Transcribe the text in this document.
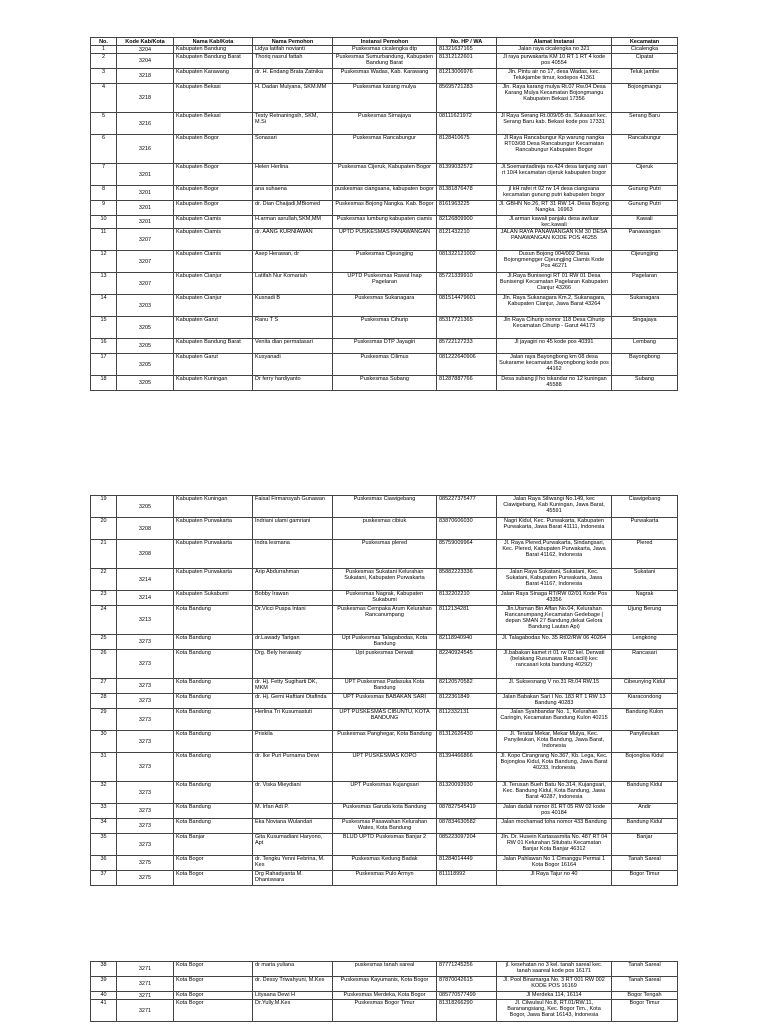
No.	Kode Kab/Kota	Nama Kab/Kota	Nama Pemohon	Instansi Pemohon	No. HP / WA	Alamat Instansi	Kecamatan
1	3204	Kabupaten Bandung	Lidya latifah novianti	Puskesmas cicalengka dtp	81321637165	Jalan raya cicalengka no 321	Cicalengka
2	3204	Kabupaten Bandung Barat	Thoriq nasrul fattah	Puskesmas Sumurbandung, Kabupaten Bandung Barat	81312122601	Jl raya purwakarta KM 10 RT 1 RT 4 kode pos 40554	Cipatat
3	3218	Kabupaten Karawang	dr. H. Endang Brata Zatnika	Puskesmas Wadas, Kab. Karawang	81213006976	Jln. Pintu air no 17, desa Wadas, kec. Telukjambe timur, kodepos 41361	Teluk jambe
4	3218	Kabupaten Bekasi	H. Dadan Mulyana, SKM.MM	Puskesmas karang mulya	85695721283	Jln. Raya karang mulya Rt.07 Rw.04 Desa Karang Mulya Kecamatan Bojongmangu Kabupaten Bekasi 17356	Bojongmangu
5	3216	Kabupaten Bekasi	Testy Retnaningsih, SKM, M.Si	Puskesmas Sirnajaya	08111621972	Jl Raya Serang Rt.009/05 ds. Sukasari kec. Serang Baru kab. Bekasi kode pos 17331	Serang Baru
6	3216	Kabupaten Bogor	Sonasari	Puskesmas Rancabungur	8128410675	Jl Raya Rancabungur Kp warung nangka RT03/08 Desa Rancabungur Kecamatan Rancabungur Kabupaten Bogor	Rancabungur
7	3201	Kabupaten Bogor	Helen Herlina	Puskesmas Cijeruk, Kabupaten Bogor	81399032572	Jl.Soemantadireja no.424 desa tanjung sari rt 10/4 kecamatan cijeruk kabupaten bogor	Cijeruk
8	3201	Kabupaten Bogor	ana suhaena	puskesmas ciangsana, kabupaten bogor	81381876478	jl kH rafei rt 02 rw 14 desa ciangsana kecamatan gunung putri kabupaten bogor	Gunung Putri
9	3201	Kabupaten Bogor	dr. Dian Chaijadi,MBiomed	Puskesmas Bojong Nangka. Kab. Bogor	8161963225	Jl. GBHN No.26, RT 31 RW 14. Desa Bojong Nangka. 16963	Gunung Putri
10	3201	Kabupaten Ciamis	H.arman asrullah,SKM,MM	Puskesmas lumbung kabupaten ciamis	82126809900	Jl.arman kawali panjalu desa awiluar kec.kawali	Kawali
11	3207	Kabupaten Ciamis	dr. AANG KURNIAWAN	UPTD PUSKESMAS PANAWANGAN	8121432210	JALAN RAYA PANAWANGAN KM 30 DESA PANAWANGAN KODE POS 46255	Panawangan
12	3207	Kabupaten Ciamis	Asep Herawan, dr	Puskesmas Cijeungjing	081322121002	Dusun Bojong 004/002 Desa Bojongmengger Cijeungjing Ciamis Kode Pos 46271	Cijeungjing
13	3207	Kabupaten Cianjur	Latifah Nur Komariah	UPTD Puskesmas Rawat Inap Pagelaran	85721339910	Jl.Raya Bunisengi RT 01 RW 01 Desa Bunisengi Kecamatan Pagelaran Kabupaten Cianjur 43266	Pagelaran
14	3203	Kabupaten Cianjur	Kusnadi B	Puskesmas Sukanagara	081514479601	Jln. Raya Sukanagara Km.2, Sukanagara, Kabupaten Cianjur, Jawa Barat 43264	Sukanagara
15	3205	Kabupaten Garut	Ranu T S	Puskesmas Cihurip	85317721365	Jln Raya Cihurip nomor 118 Desa Cihurip Kecamatan Cihurip - Garut 44173	Singajaya
16	3205	Kabupaten Bandung Barat	Venita dian permatasari	Puskesmas DTP Jayagiri	85722127233	Jl jayagiri no 45 kode pos 40391	Lembang
17	3205	Kabupaten Garut	Kusyanadi	Puskesmas Cilimus	081222640906	Jalan raya Bayongbong km 08 desa Sukarame kecamatan Bayongbong kode pos 44162	Bayongbong
18	3205	Kabupaten Kuningan	Dr ferry hardiyanto	Puskesmas Subang	81287887766	Desa subang jl ho iskandar no 12 kuningan 45588	Subang
19	3205	Kabupaten Kuningan	Faisal Firmansyah Gunawan	Puskesmas Ciawigebang	085227375477	Jalan Raya Siliwangi No.149, kec Ciawigebang, Kab Kuningan, Jawa Barat, 45591	Ciawigebang
20	3208	Kabupaten Purwakarta	Indriani ulami gamriani	puskesmas cibiuk	83870606030	Nagri Kidul, Kec. Purwakarta, Kabupaten Purwakarta, Jawa Barat 41111, Indonesia	Purwakarta
21	3208	Kabupaten Purwakarta	Indra lesmana	Puskesmas plered	85759009964	Jl. Raya Plered,Purwakarta, Sindangsari, Kec. Plered, Kabupaten Purwakarta, Jawa Barat 41162, Indonesia	Plered
22	3214	Kabupaten Purwakarta	Arip Abdurrahman	Puskesmas Sukatani Kelurahan Sukatani, Kabupaten Purwakarta	85882223336	Jalan Raya Sukatani, Sukatani, Kec. Sukatani, Kabupaten Purwakarta, Jawa Barat 41167, Indonesia	Sukatani
23	3214	Kabupaten Sukabumi	Bobby Irawan	Puskesmas Nagrak, Kabupaten Sukabumi	8132202210	Jalan Raya Sinaga RT/RW 02/01 Kode Pos 43356	Nagrak
24	3213	Kota Bandung	Dr.Vicci Puspa Intani	Puskesmas Cempaka Arum Kelurahan Rancanumpang	8112134281	Jln.Utsman Bin Affan No.04, Kelurahan Rancanumpang,Kecamatan Gedebage ( depan SMAN 27 Bandung,dekat Gelora Bandung Lautan Api)	Ujung Berung
25	3273	Kota Bandung	dr.Lawady Tarigan	Upt Puskesmas Talagabodas, Kota Bandung	82118940940	Jl. Talagabodas No. 35 Rt02/RW 06 40264	Lengkong
26	3273	Kota Bandung	Drg. Bely herawaty	Upt puskesmas Derwati	82240924545	Jl.babakan kamet rt 01 rw 02 kel. Derwati (belakang Rusunawa Rancacili) kec rancasari kota bandung 40292)	Rancasari
27	3273	Kota Bandung	dr. Hj. Fetty Sugiharti DK, MKM	UPT Puskesmas Padasuka Kota Bandung	82120570582	Jl. Suksesnang V no.31 Rt.04 RW.15	Cibeunying Kidul
28	3273	Kota Bandung	dr. Hj. Gemi Haftiani Otafinda	UPT Puskesmas BABAKAN SARI	8122361849	Jalan Babakan Sari I No. 183 RT 1 RW 13 Bandung 40283	Kiaracondong
29	3273	Kota Bandung	Herlina Tri Kusumastuti	UPT PUSKESMAS CIBUNTU, KOTA BANDUNG	8112332131	Jalan Syahbandar No. 1, Kelurahan Caringin, Kecamatan Bandung Kulon 40215	Bandung Kulon
30	3273	Kota Bandung	Priskila	Puskesmas Panghegar, Kota Bandung	81312626430	Jl. Teratai Mekar, Mekar Mulya, Kec. Panyileukan, Kota Bandung, Jawa Barat, Indonesia	Panyileukan
31	3273	Kota Bandung	dr. Ike Puri Purnama Dewi	UPT PUSKESMAS KOPO	81394466866	Jl. Kopo Cirangrang No.367, Kb. Lega, Kec. Bojongloa Kidul, Kota Bandung, Jawa Barat 40233, Indonesia	Bojongloa Kidul
32	3273	Kota Bandung	dr. Viska Mieydiani	UPT Puskesmas Kujangsari	81320093930	Jl. Terusan Bueh Batu No.314, Kujangsari, Kec. Bandung Kidul, Kota Bandung, Jawa Barat 40287, Indonesia	Bandung Kidul
33	3273	Kota Bandung	M. Irfan Adi P.	Puskesmas Garuda kota Bandung	087827545419	Jalan dadali nomor 81 RT 05 RW 02 kode pos 40184	Andir
34	3273	Kota Bandung	Eka Noviana Wulandari	Puskesmas Pasawahan Kelurahan Wates, Kota Bandung	087834630582	Jalan mochamad toha nomor 433 Bandung	Bandung Kidul
35	3273	Kota Banjar	Gita Kusumadiani Haryono, Apt	BLUD UPTD Puskesmas Banjar 2	085223097204	Jln. Dr. Husein Kartasasmita No. 487 RT 04 RW 01 Kelurahan Situbatu Kecamatan Banjar Kota Banjar 46312	Banjar
36	3275	Kota Bogor	dr. Tengku Yenni Febrina, M. Kes	Puskesmas Kedung Badak	81284014449	Jalan Pahlawan No 1 Cimanggu Permai 1 Kota Bogor 16164	Tanah Sareal
37	3275	Kota Bogor	Drg Rahadyanta M. Dhaniswara	Puskesmas Pulo Armyn	811118992	Jl Raya Tajur no 40	Bogor Timur
38	3271	Kota Bogor	dr maria yuliana	puskesmas tanah sareal	87771245256	jl. kesehatan no 3 kel. tanah sareal kec. tanah saareal kode pos 16171	Tanah Sareal
39	3271	Kota Bogor	dr. Dessy Triwahyuni, M.Kes	Puskesmas Kayumanis, Kota Bogor	87870042615	Jl. Pool Binamarga No. 3 RT 001 RW 002 KODE POS 16169	Tanah Sareal
40	3271	Kota Bogor	Lityaana Dewi H	Puskesmas Merdeka, Kota Bogor	085770577499	Jl Merdeka 114, 16114	Bogor Tengah
41	3271	Kota Bogor	Dr.Yully.M.Kes	Puskesmas Bogor Timur	81318266290	Jl. Cilwulsul No.8, RT.01/RW.11, Baranangsiang, Kec. Bogor Tim., Kota Bogor, Jawa Barat 16143, Indonesia	Bogor Timur
